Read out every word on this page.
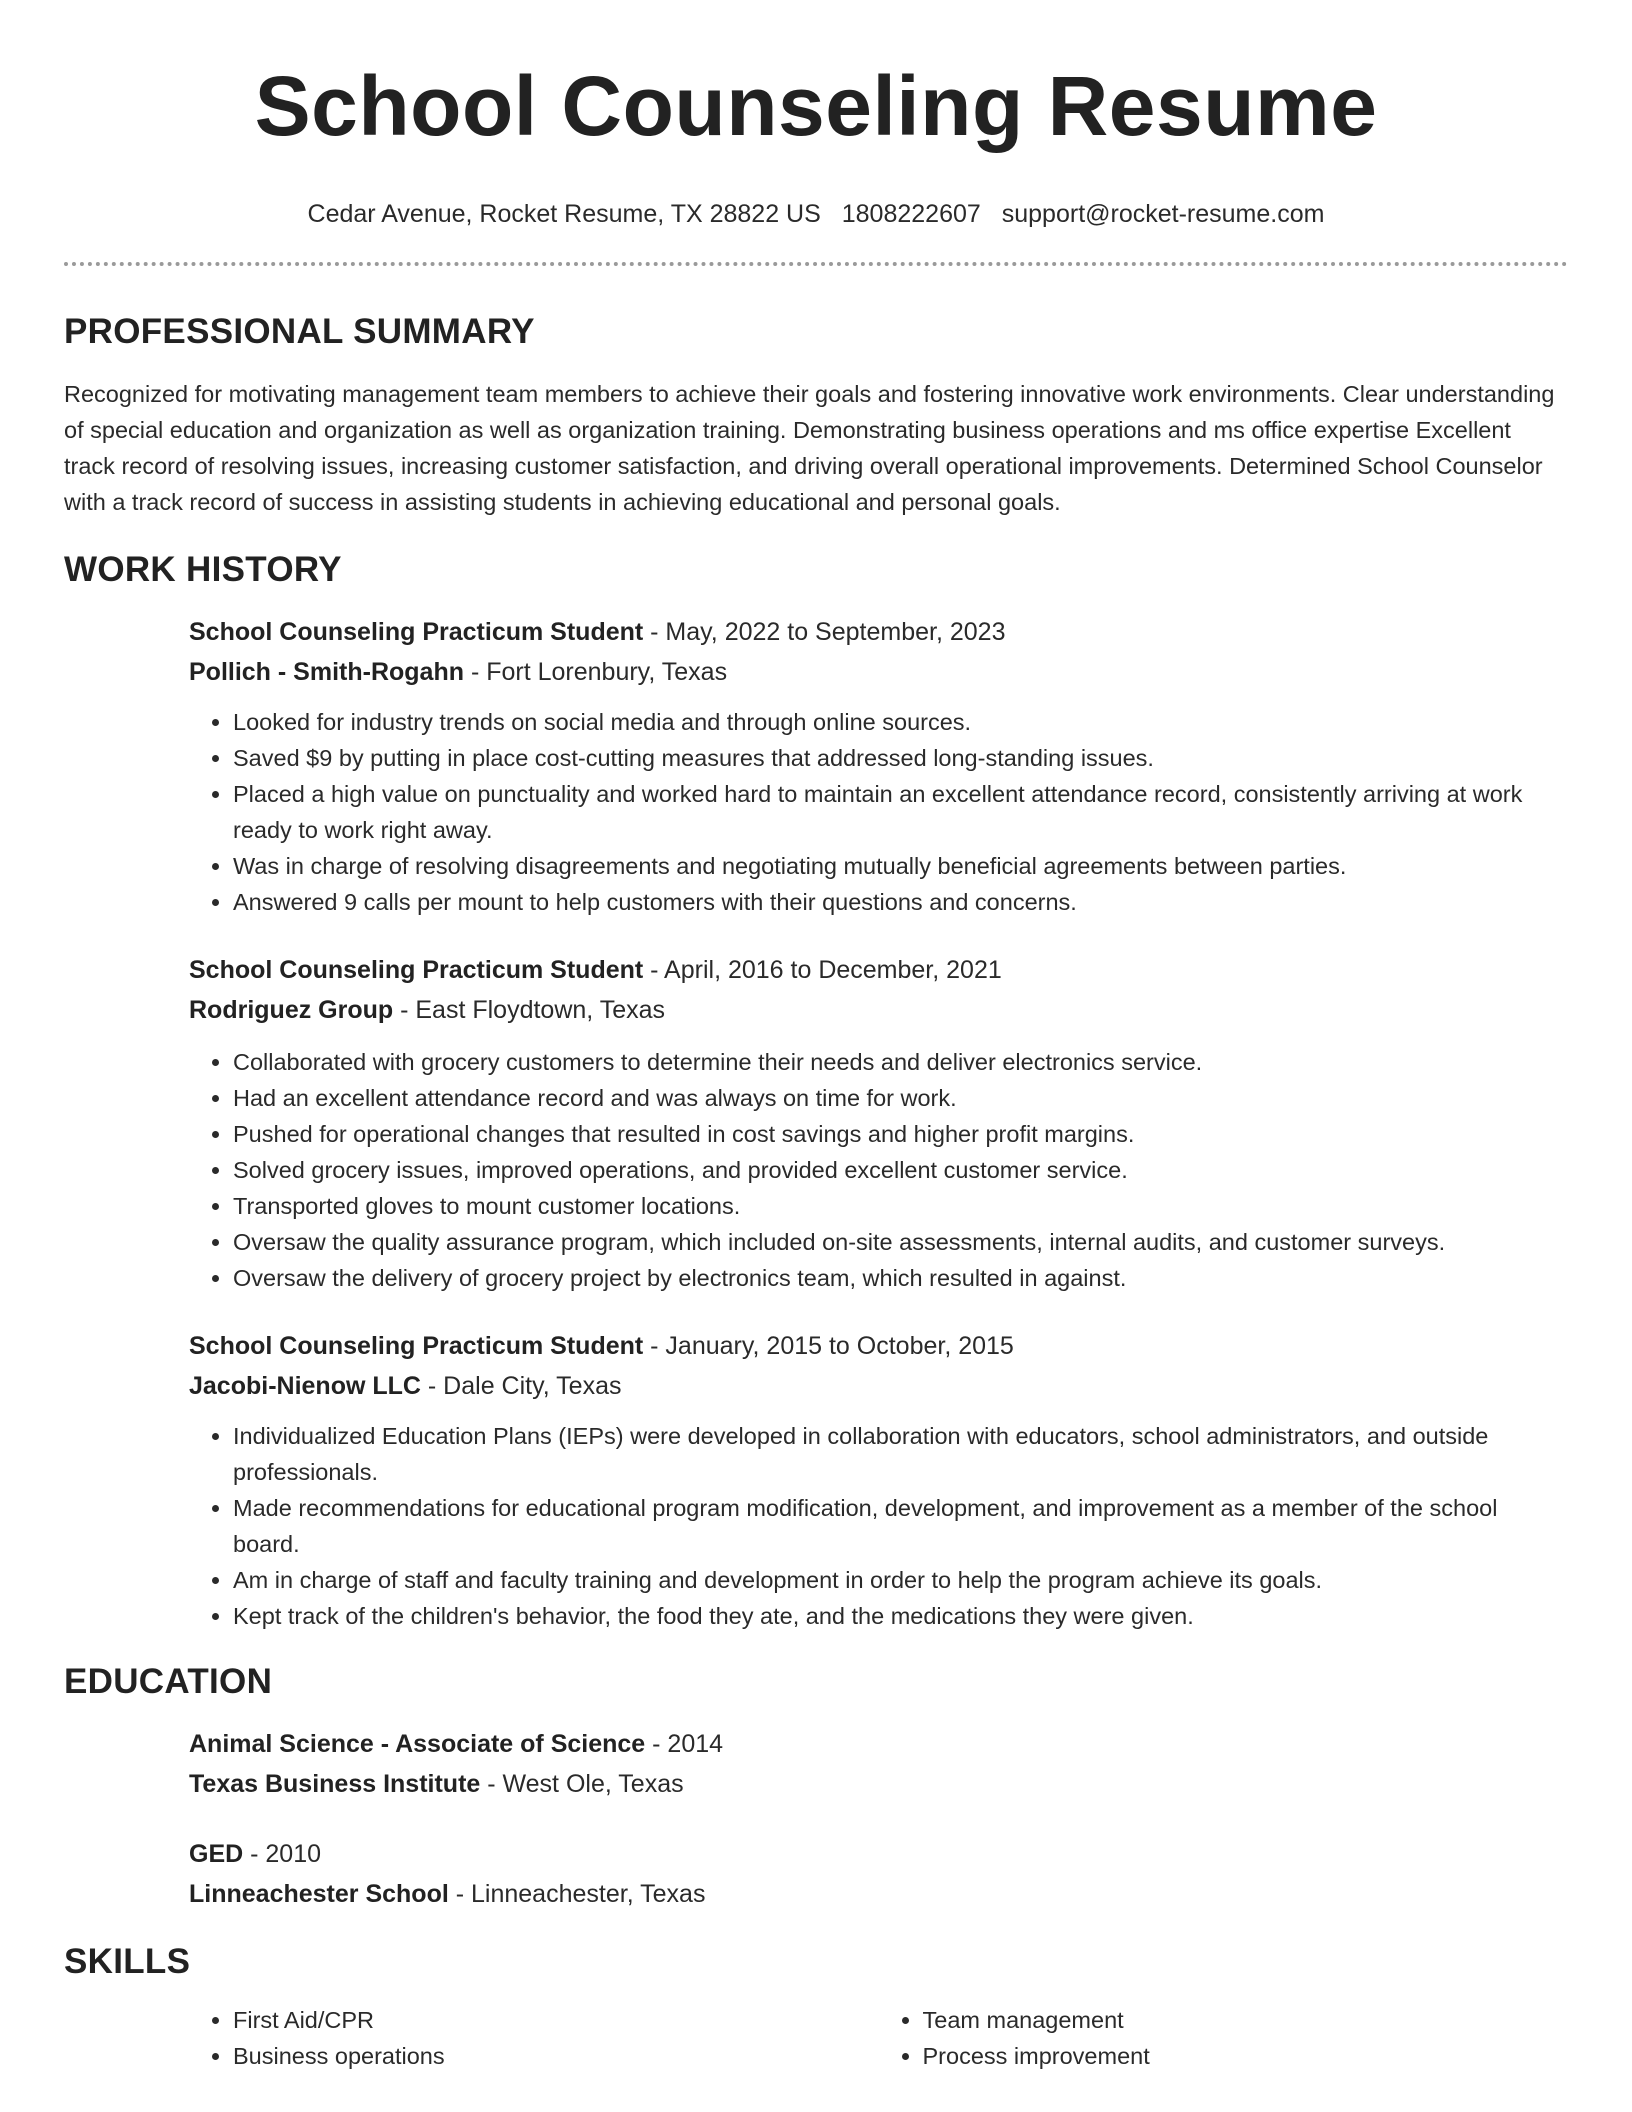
School Counseling Resume
Cedar Avenue, Rocket Resume, TX 28822 US 1808222607 support@rocket-resume.com
PROFESSIONAL SUMMARY

Recognized for motivating management team members to achieve their goals and fostering innovative work environments. Clear understanding of special education and organization as well as organization training. Demonstrating business operations and ms office expertise Excellent track record of resolving issues, increasing customer satisfaction, and driving overall operational improvements. Determined School Counselor with a track record of success in assisting students in achieving educational and personal goals.

WORK HISTORY
School Counseling Practicum Student - May, 2022 to September, 2023
Pollich - Smith-Rogahn - Fort Lorenbury, Texas
• Looked for industry trends on social media and through online sources.
• Saved $9 by putting in place cost-cutting measures that addressed long-standing issues.
• Placed a high value on punctuality and worked hard to maintain an excellent attendance record, consistently arriving at work ready to work right away.
• Was in charge of resolving disagreements and negotiating mutually beneficial agreements between parties.
• Answered 9 calls per mount to help customers with their questions and concerns.
School Counseling Practicum Student - April, 2016 to December, 2021
Rodriguez Group - East Floydtown, Texas
• Collaborated with grocery customers to determine their needs and deliver electronics service.
• Had an excellent attendance record and was always on time for work.
• Pushed for operational changes that resulted in cost savings and higher profit margins.
• Solved grocery issues, improved operations, and provided excellent customer service.
• Transported gloves to mount customer locations.
• Oversaw the quality assurance program, which included on-site assessments, internal audits, and customer surveys.
• Oversaw the delivery of grocery project by electronics team, which resulted in against.
School Counseling Practicum Student - January, 2015 to October, 2015
Jacobi-Nienow LLC - Dale City, Texas
• Individualized Education Plans (IEPs) were developed in collaboration with educators, school administrators, and outside professionals.
• Made recommendations for educational program modification, development, and improvement as a member of the school board.
• Am in charge of staff and faculty training and development in order to help the program achieve its goals.
• Kept track of the children's behavior, the food they ate, and the medications they were given.
EDUCATION
Animal Science - Associate of Science - 2014
Texas Business Institute - West Ole, Texas
GED - 2010
Linneachester School - Linneachester, Texas
SKILLS
• First Aid/CPR
• Business operations
• Team management
• Process improvement
